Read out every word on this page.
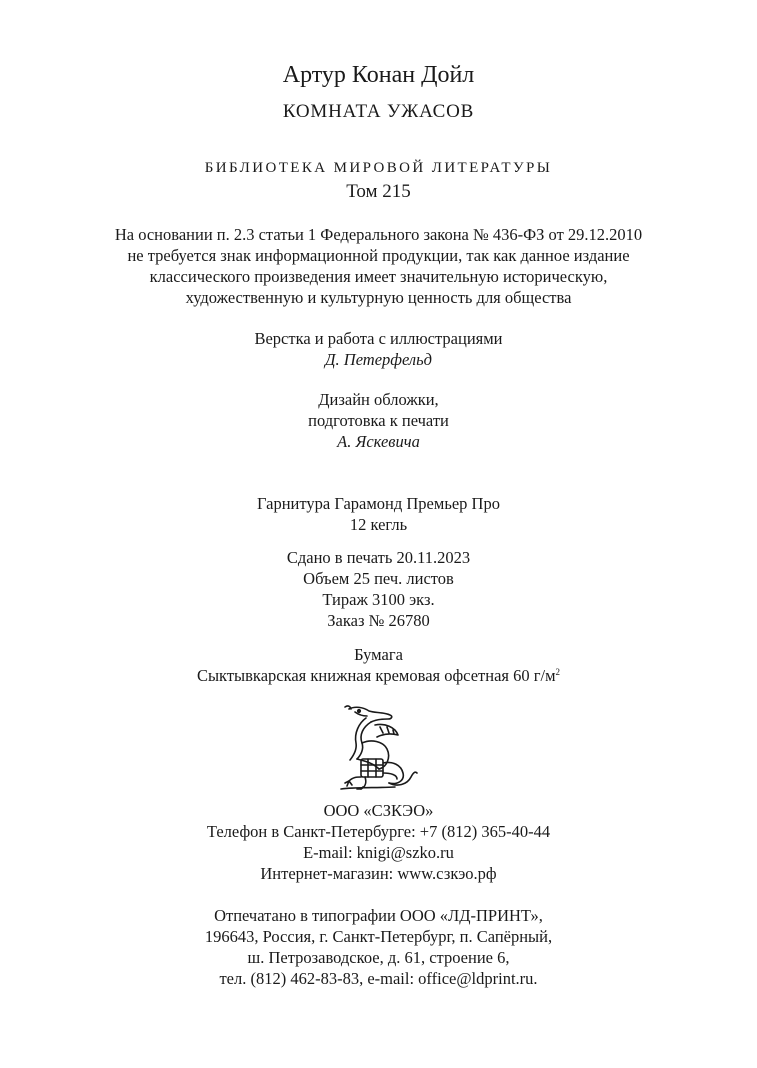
Артур Конан Дойл
КОМНАТА УЖАСОВ
БИБЛИОТЕКА МИРОВОЙ ЛИТЕРАТУРЫ
Том 215
На основании п. 2.3 статьи 1 Федерального закона № 436-ФЗ от 29.12.2010
не требуется знак информационной продукции, так как данное издание
классического произведения имеет значительную историческую,
художественную и культурную ценность для общества
Верстка и работа с иллюстрациями
Д. Петерфельд
Дизайн обложки,
подготовка к печати
А. Яскевича
Гарнитура Гарамонд Премьер Про
12 кегль
Сдано в печать 20.11.2023
Объем 25 печ. листов
Тираж 3100 экз.
Заказ № 26780
Бумага
Сыктывкарская книжная кремовая офсетная 60 $г/м^2$
ООО «СЗКЭО»
Телефон в Санкт-Петербурге: +7 (812) 365-40-44
E-mail: knigi@szko.ru
Интернет-магазин: www.сзкэо.рф
Отпечатано в типографии ООО «ЛД-ПРИНТ»,
196643, Россия, г. Санкт-Петербург, п. Сапёрный,
ш. Петрозаводское, д. 61, строение 6,
тел. (812) 462-83-83, e-mail: office@ldprint.ru.
